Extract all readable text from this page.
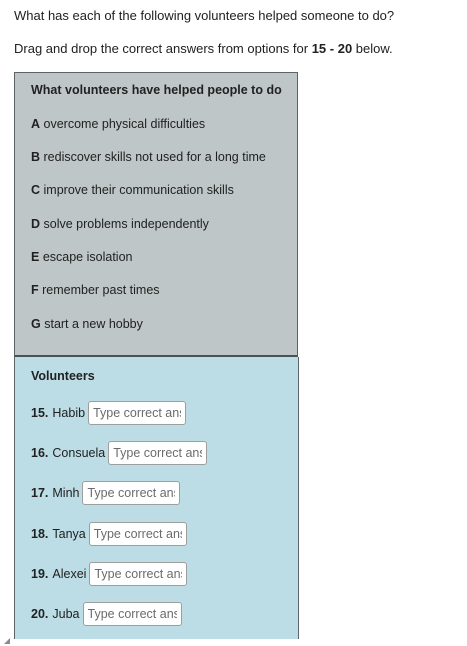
What has each of the following volunteers helped someone to do?
Drag and drop the correct answers from options for 15 - 20 below.
What volunteers have helped people to do
A overcome physical difficulties
B rediscover skills not used for a long time
C improve their communication skills
D solve problems independently
E escape isolation
F remember past times
G start a new hobby
Volunteers
15. Habib
Type correct answer
16. Consuela
Type correct answer
17. Minh
Type correct answer
18. Tanya
Type correct answer
19. Alexei
Type correct answer
20. Juba
Type correct answer
